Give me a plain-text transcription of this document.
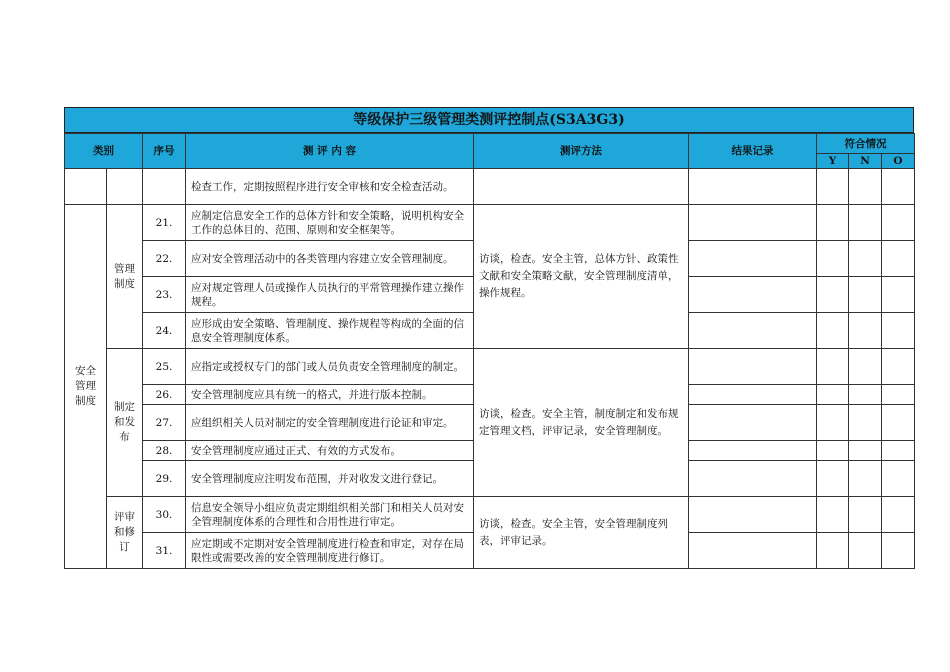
等级保护三级管理类测评控制点(S3A3G3)
类别		序号	测 评 内 容	测评方法	结果记录	符合情况		
						Y	N	O
			检查工作，定期按照程序进行安全审核和安全检查活动。					
安全管理制度	管理制度	21.	应制定信息安全工作的总体方针和安全策略，说明机构安全工作的总体目的、范围、原则和安全框架等。	访谈，检查。安全主管，总体方针、政策性文献和安全策略文献，安全管理制度清单，操作规程。				
		22.	应对安全管理活动中的各类管理内容建立安全管理制度。					
		23.	应对规定管理人员或操作人员执行的平常管理操作建立操作规程。					
		24.	应形成由安全策略、管理制度、操作规程等构成的全面的信息安全管理制度体系。					
	制定和发布	25.	应指定或授权专门的部门或人员负责安全管理制度的制定。	访谈，检查。安全主管，制度制定和发布规定管理文档，评审记录，安全管理制度。				
		26.	安全管理制度应具有统一的格式，并进行版本控制。					
		27.	应组织相关人员对制定的安全管理制度进行论证和审定。					
		28.	安全管理制度应通过正式、有效的方式发布。					
		29.	安全管理制度应注明发布范围，并对收发文进行登记。					
	评审和修订	30.	信息安全领导小组应负责定期组织相关部门和相关人员对安全管理制度体系的合理性和合用性进行审定。	访谈，检查。安全主管，安全管理制度列表，评审记录。				
		31.	应定期或不定期对安全管理制度进行检查和审定，对存在局限性或需要改善的安全管理制度进行修订。					
